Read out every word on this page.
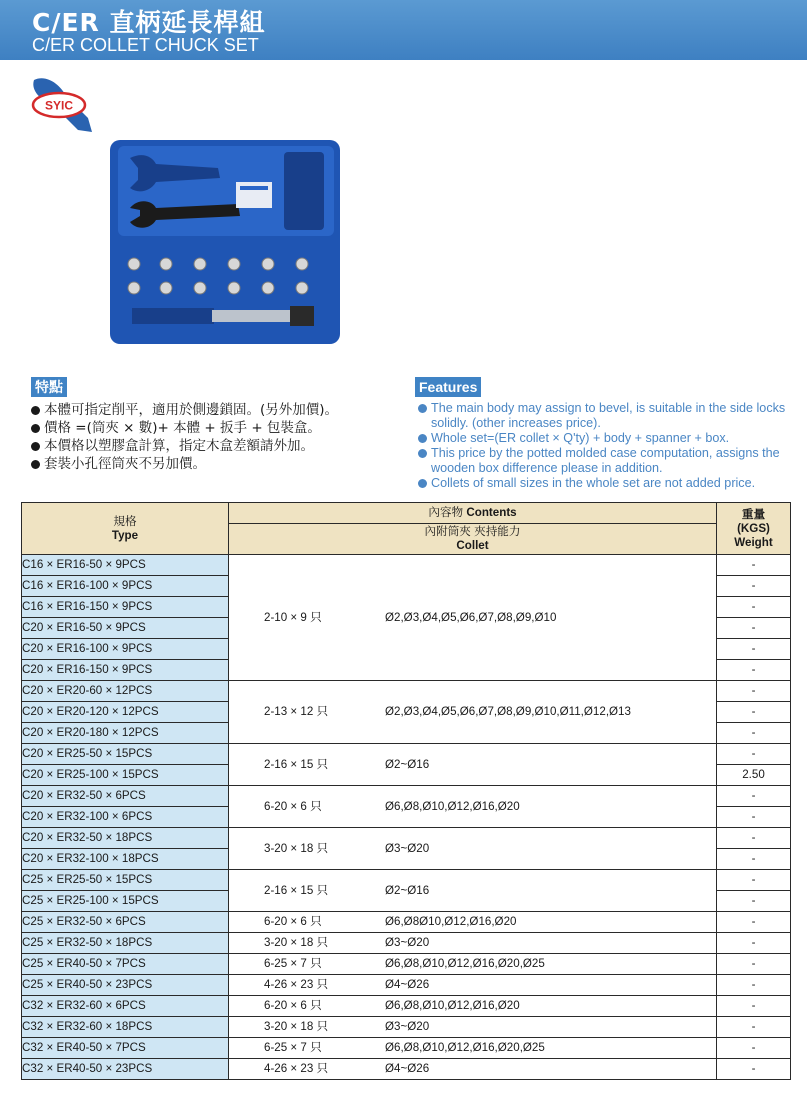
C/ER 直柄延長桿組
C/ER COLLET CHUCK SET
SYIC
特點
本體可指定削平，適用於側邊鎖固。(另外加價)。
價格 =(筒夾 × 數)+ 本體 + 扳手 + 包裝盒。
本價格以塑膠盒計算，指定木盒差額請外加。
套裝小孔徑筒夾不另加價。
Features
The main body may assign to bevel, is suitable in the side locks solidly. (other increases price).
Whole set=(ER collet × Q'ty) + body + spanner + box.
This price by the potted molded case computation, assigns the wooden box difference please in addition.
Collets of small sizes in the whole set are not added price.
規格
Type	內容物 Contents	重量
(KGS)
Weight

	內附筒夾 夾持能力
Collet	

C16 × ER16-50 × 9PCS	2-10 × 9 只 Ø2,Ø3,Ø4,Ø5,Ø6,Ø7,Ø8,Ø9,Ø10	-
C16 × ER16-100 × 9PCS		-
C16 × ER16-150 × 9PCS		-
C20 × ER16-50 × 9PCS		-
C20 × ER16-100 × 9PCS		-
C20 × ER16-150 × 9PCS		-
C20 × ER20-60 × 12PCS	2-13 × 12 只 Ø2,Ø3,Ø4,Ø5,Ø6,Ø7,Ø8,Ø9,Ø10,Ø11,Ø12,Ø13	-
C20 × ER20-120 × 12PCS		-
C20 × ER20-180 × 12PCS		-
C20 × ER25-50 × 15PCS	2-16 × 15 只 Ø2~Ø16	-
C20 × ER25-100 × 15PCS		2.50
C20 × ER32-50 × 6PCS	6-20 × 6 只 Ø6,Ø8,Ø10,Ø12,Ø16,Ø20	-
C20 × ER32-100 × 6PCS		-
C20 × ER32-50 × 18PCS	3-20 × 18 只 Ø3~Ø20	-
C20 × ER32-100 × 18PCS		-
C25 × ER25-50 × 15PCS	2-16 × 15 只 Ø2~Ø16	-
C25 × ER25-100 × 15PCS		-
C25 × ER32-50 × 6PCS	6-20 × 6 只 Ø6,Ø8Ø10,Ø12,Ø16,Ø20	-
C25 × ER32-50 × 18PCS	3-20 × 18 只 Ø3~Ø20	-
C25 × ER40-50 × 7PCS	6-25 × 7 只 Ø6,Ø8,Ø10,Ø12,Ø16,Ø20,Ø25	-
C25 × ER40-50 × 23PCS	4-26 × 23 只 Ø4~Ø26	-
C32 × ER32-60 × 6PCS	6-20 × 6 只 Ø6,Ø8,Ø10,Ø12,Ø16,Ø20	-
C32 × ER32-60 × 18PCS	3-20 × 18 只 Ø3~Ø20	-
C32 × ER40-50 × 7PCS	6-25 × 7 只 Ø6,Ø8,Ø10,Ø12,Ø16,Ø20,Ø25	-
C32 × ER40-50 × 23PCS	4-26 × 23 只 Ø4~Ø26	-
